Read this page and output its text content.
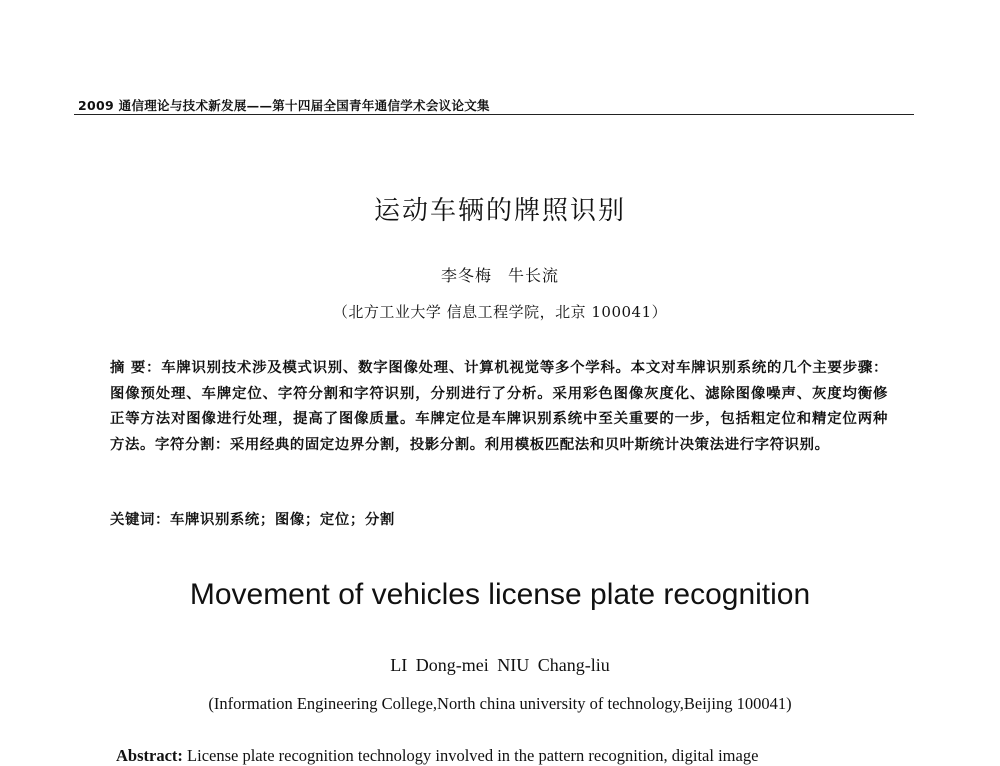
2009 通信理论与技术新发展——第十四届全国青年通信学术会议论文集
运动车辆的牌照识别
李冬梅 牛长流
（北方工业大学 信息工程学院，北京 100041）
摘 要：车牌识别技术涉及模式识别、数字图像处理、计算机视觉等多个学科。本文对车牌识别系统的几个主要步骤：图像预处理、车牌定位、字符分割和字符识别，分别进行了分析。采用彩色图像灰度化、滤除图像噪声、灰度均衡修正等方法对图像进行处理，提高了图像质量。车牌定位是车牌识别系统中至关重要的一步，包括粗定位和精定位两种方法。字符分割：采用经典的固定边界分割，投影分割。利用模板匹配法和贝叶斯统计决策法进行字符识别。
关键词：车牌识别系统；图像；定位；分割
Movement of vehicles license plate recognition
LI Dong-mei NIU Chang-liu
(Information Engineering College,North china university of technology,Beijing 100041)
Abstract: License plate recognition technology involved in the pattern recognition, digital image
